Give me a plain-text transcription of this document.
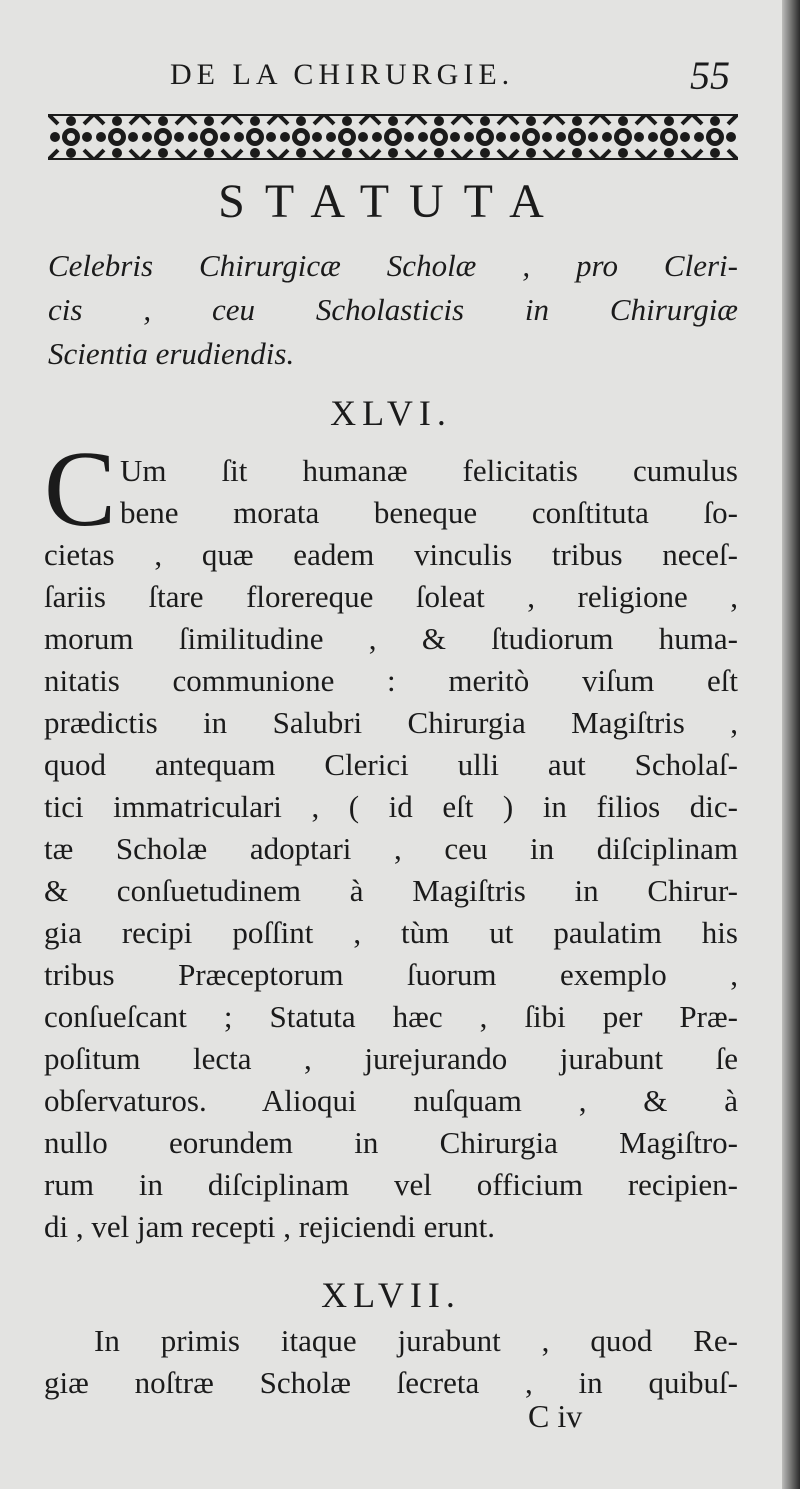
DE LA CHIRURGIE.	55
STATUTA
Celebris Chirurgicæ Scholæ , pro Cleri-
cis , ceu Scholasticis in Chirurgiæ
Scientia erudiendis.
XLVI.
C Um ſit humanæ felicitatis cumulus
bene morata beneque conſtituta ſo-
cietas , quæ eadem vinculis tribus neceſ-
ſariis ſtare florereque ſoleat , religione ,
morum ſimilitudine , & ſtudiorum huma-
nitatis communione : meritò viſum eſt
prædictis in Salubri Chirurgia Magiſtris ,
quod antequam Clerici ulli aut Scholaſ-
tici immatriculari , ( id eſt ) in filios dic-
tæ Scholæ adoptari , ceu in diſciplinam
& conſuetudinem à Magiſtris in Chirur-
gia recipi poſſint , tùm ut paulatim his
tribus Præceptorum ſuorum exemplo ,
conſueſcant ; Statuta hæc , ſibi per Præ-
poſitum lecta , jurejurando jurabunt ſe
obſervaturos. Alioqui nuſquam , & à
nullo eorundem in Chirurgia Magiſtro-
rum in diſciplinam vel officium recipien-
di , vel jam recepti , rejiciendi erunt.
XLVII.
In primis itaque jurabunt , quod Re-
giæ noſtræ Scholæ ſecreta , in quibuſ-
C iv
